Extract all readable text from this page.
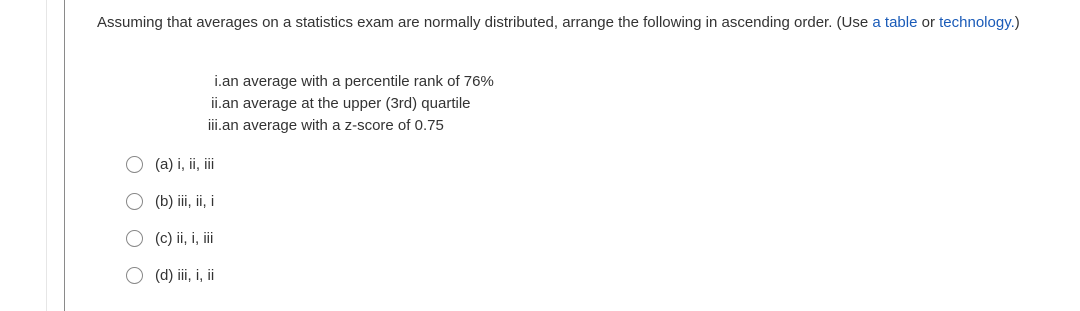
Assuming that averages on a statistics exam are normally distributed, arrange the following in ascending order. (Use a table or technology.)
i. an average with a percentile rank of 76%
ii. an average at the upper (3rd) quartile
iii. an average with a z-score of 0.75
(a) i, ii, iii
(b) iii, ii, i
(c) ii, i, iii
(d) iii, i, ii
